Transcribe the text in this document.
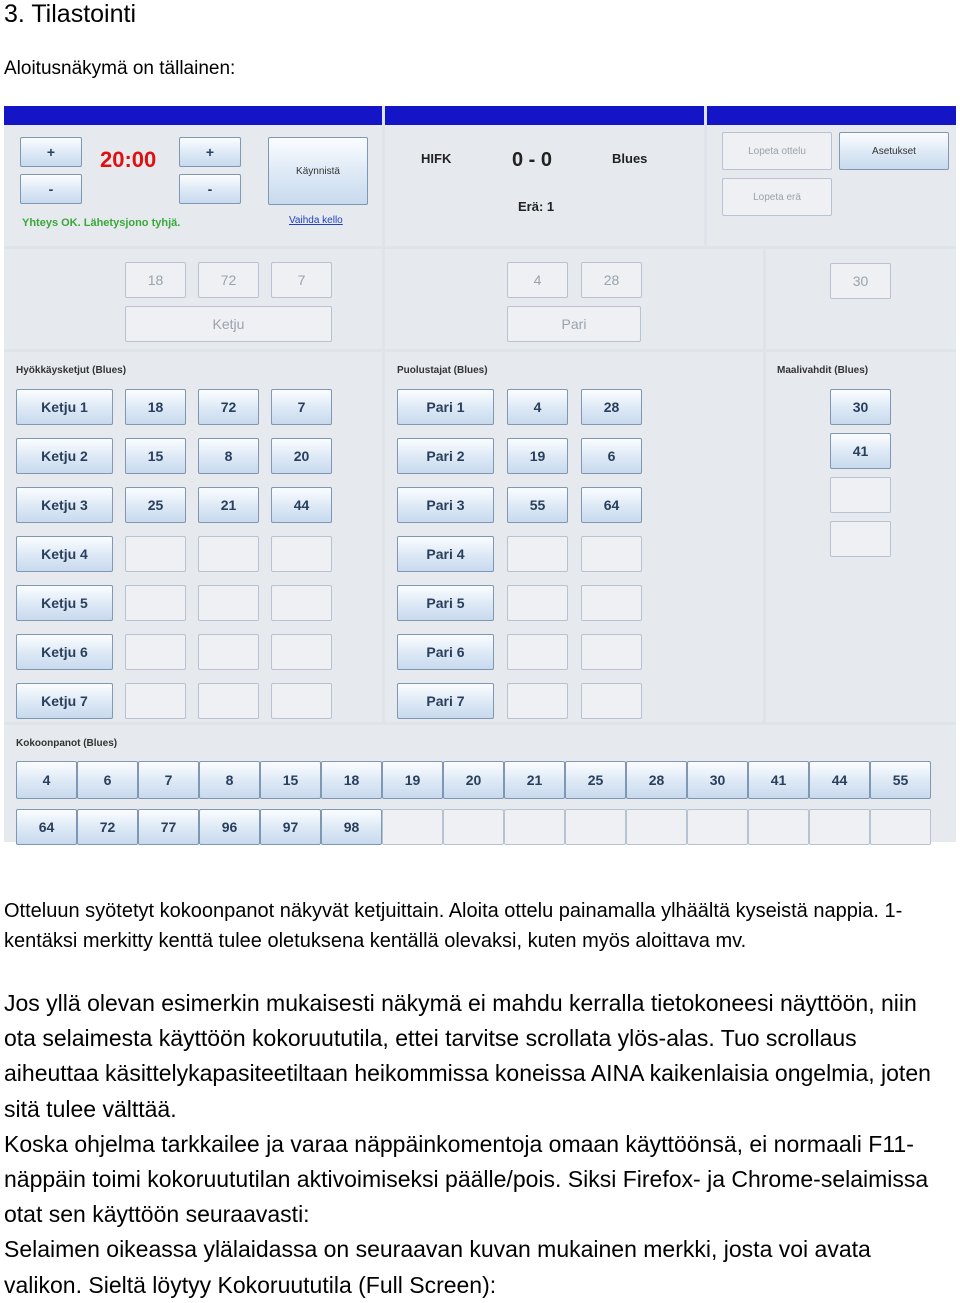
3. Tilastointi
Aloitusnäkymä on tällainen:
+
-
20:00	+
-
Käynnistä
Yhteys OK. Lähetysjono tyhjä.	Vaihda kello
HIFK	0 - 0	Blues
Erä: 1
Lopeta ottelu	Asetukset
Lopeta erä
18	72	7
Ketju
4	28
Pari
30
Hyökkäysketjut (Blues)
Ketju 1	18	72	7
Ketju 2	15	8	20
Ketju 3	25	21	44
Ketju 4
Ketju 5
Ketju 6
Ketju 7
Puolustajat (Blues)
Pari 1	4	28
Pari 2	19	6
Pari 3	55	64
Pari 4
Pari 5
Pari 6
Pari 7
Maalivahdit (Blues)
30
41
Kokoonpanot (Blues)
4	6	7	8	15	18	19	20	21	25	28	30	41	44	55
64	72	77	96	97	98
Otteluun syötetyt kokoonpanot näkyvät ketjuittain. Aloita ottelu painamalla ylhäältä kyseistä nappia. 1-kentäksi merkitty kenttä tulee oletuksena kentällä olevaksi, kuten myös aloittava mv.
Jos yllä olevan esimerkin mukaisesti näkymä ei mahdu kerralla tietokoneesi näyttöön, niin ota selaimesta käyttöön kokoruututila, ettei tarvitse scrollata ylös-alas. Tuo scrollaus aiheuttaa käsittelykapasiteetiltaan heikommissa koneissa AINA kaikenlaisia ongelmia, joten sitä tulee välttää.
Koska ohjelma tarkkailee ja varaa näppäinkomentoja omaan käyttöönsä, ei normaali F11-näppäin toimi kokoruututilan aktivoimiseksi päälle/pois. Siksi Firefox- ja Chrome-selaimissa otat sen käyttöön seuraavasti:
Selaimen oikeassa ylälaidassa on seuraavan kuvan mukainen merkki, josta voi avata valikon. Sieltä löytyy Kokoruututila (Full Screen):
